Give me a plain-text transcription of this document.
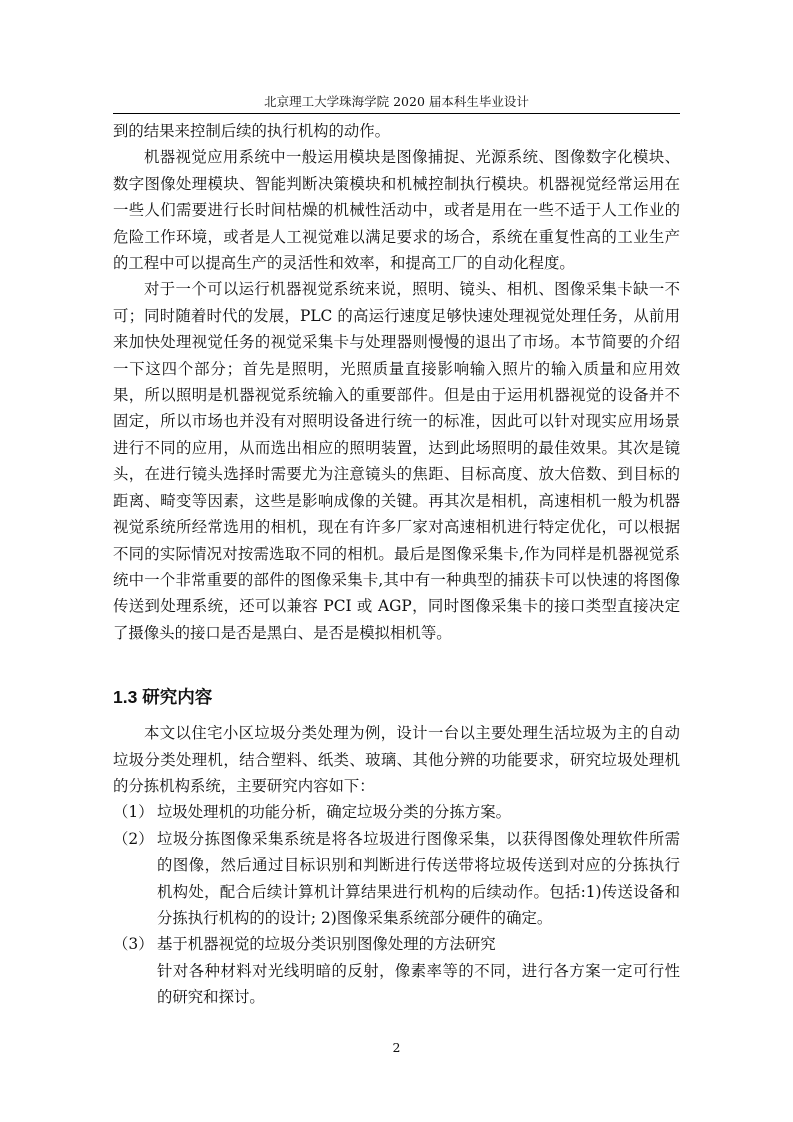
北京理工大学珠海学院 2020 届本科生毕业设计

到的结果来控制后续的执行机构的动作。

机器视觉应用系统中一般运用模块是图像捕捉、光源系统、图像数字化模块、数字图像处理模块、智能判断决策模块和机械控制执行模块。机器视觉经常运用在一些人们需要进行长时间枯燥的机械性活动中，或者是用在一些不适于人工作业的危险工作环境，或者是人工视觉难以满足要求的场合，系统在重复性高的工业生产的工程中可以提高生产的灵活性和效率，和提高工厂的自动化程度。

对于一个可以运行机器视觉系统来说，照明、镜头、相机、图像采集卡缺一不可；同时随着时代的发展，PLC 的高运行速度足够快速处理视觉处理任务，从前用来加快处理视觉任务的视觉采集卡与处理器则慢慢的退出了市场。本节简要的介绍一下这四个部分；首先是照明，光照质量直接影响输入照片的输入质量和应用效果，所以照明是机器视觉系统输入的重要部件。但是由于运用机器视觉的设备并不固定，所以市场也并没有对照明设备进行统一的标准，因此可以针对现实应用场景进行不同的应用，从而选出相应的照明装置，达到此场照明的最佳效果。其次是镜头，在进行镜头选择时需要尤为注意镜头的焦距、目标高度、放大倍数、到目标的距离、畸变等因素，这些是影响成像的关键。再其次是相机，高速相机一般为机器视觉系统所经常选用的相机，现在有许多厂家对高速相机进行特定优化，可以根据不同的实际情况对按需选取不同的相机。最后是图像采集卡,作为同样是机器视觉系统中一个非常重要的部件的图像采集卡,其中有一种典型的捕获卡可以快速的将图像传送到处理系统，还可以兼容 PCI 或 AGP，同时图像采集卡的接口类型直接决定了摄像头的接口是否是黑白、是否是模拟相机等。

1.3 研究内容

本文以住宅小区垃圾分类处理为例，设计一台以主要处理生活垃圾为主的自动垃圾分类处理机，结合塑料、纸类、玻璃、其他分辨的功能要求，研究垃圾处理机的分拣机构系统，主要研究内容如下：

（1） 垃圾处理机的功能分析，确定垃圾分类的分拣方案。
（2） 垃圾分拣图像采集系统是将各垃圾进行图像采集，以获得图像处理软件所需的图像，然后通过目标识别和判断进行传送带将垃圾传送到对应的分拣执行机构处，配合后续计算机计算结果进行机构的后续动作。包括:1)传送设备和分拣执行机构的的设计; 2)图像采集系统部分硬件的确定。
（3） 基于机器视觉的垃圾分类识别图像处理的方法研究
针对各种材料对光线明暗的反射，像素率等的不同，进行各方案一定可行性的研究和探讨。
2
